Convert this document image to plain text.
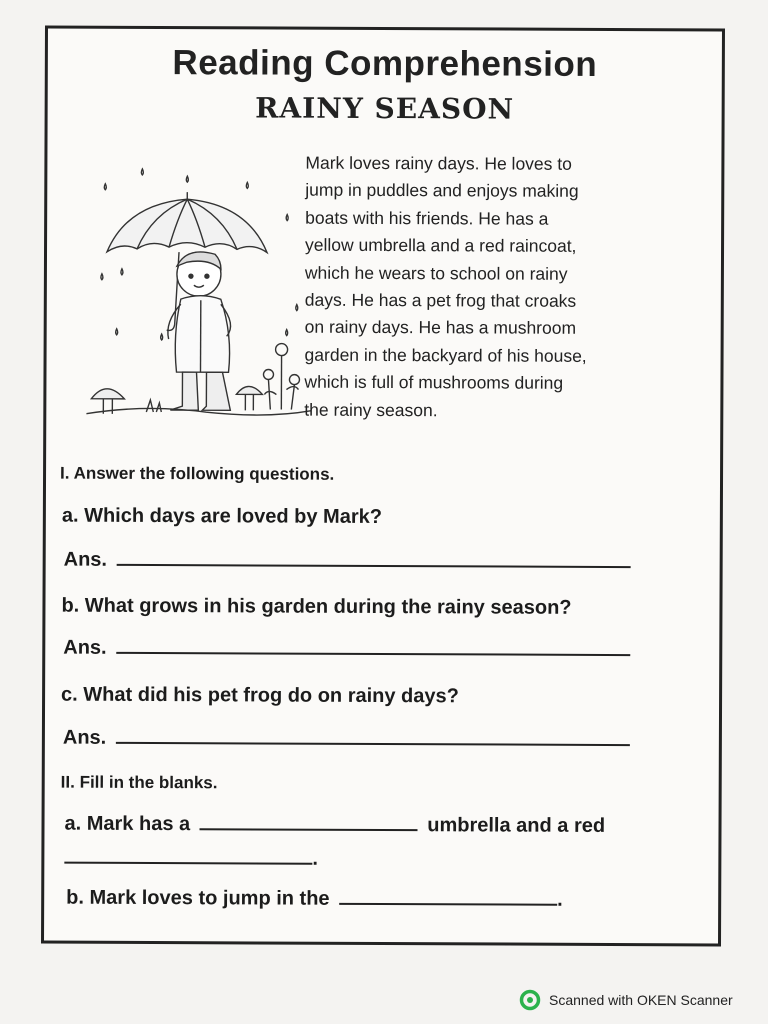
Reading Comprehension
RAINY SEASON
Mark loves rainy days. He loves to
jump in puddles and enjoys making
boats with his friends. He has a
yellow umbrella and a red raincoat,
which he wears to school on rainy
days. He has a pet frog that croaks
on rainy days. He has a mushroom
garden in the backyard of his house,
which is full of mushrooms during
the rainy season.
I. Answer the following questions.
a. Which days are loved by Mark?
Ans.
b. What grows in his garden during the rainy season?
Ans.
c. What did his pet frog do on rainy days?
Ans.
II. Fill in the blanks.
a. Mark has a	umbrella and a red
.
b. Mark loves to jump in the	.
Scanned with OKEN Scanner
